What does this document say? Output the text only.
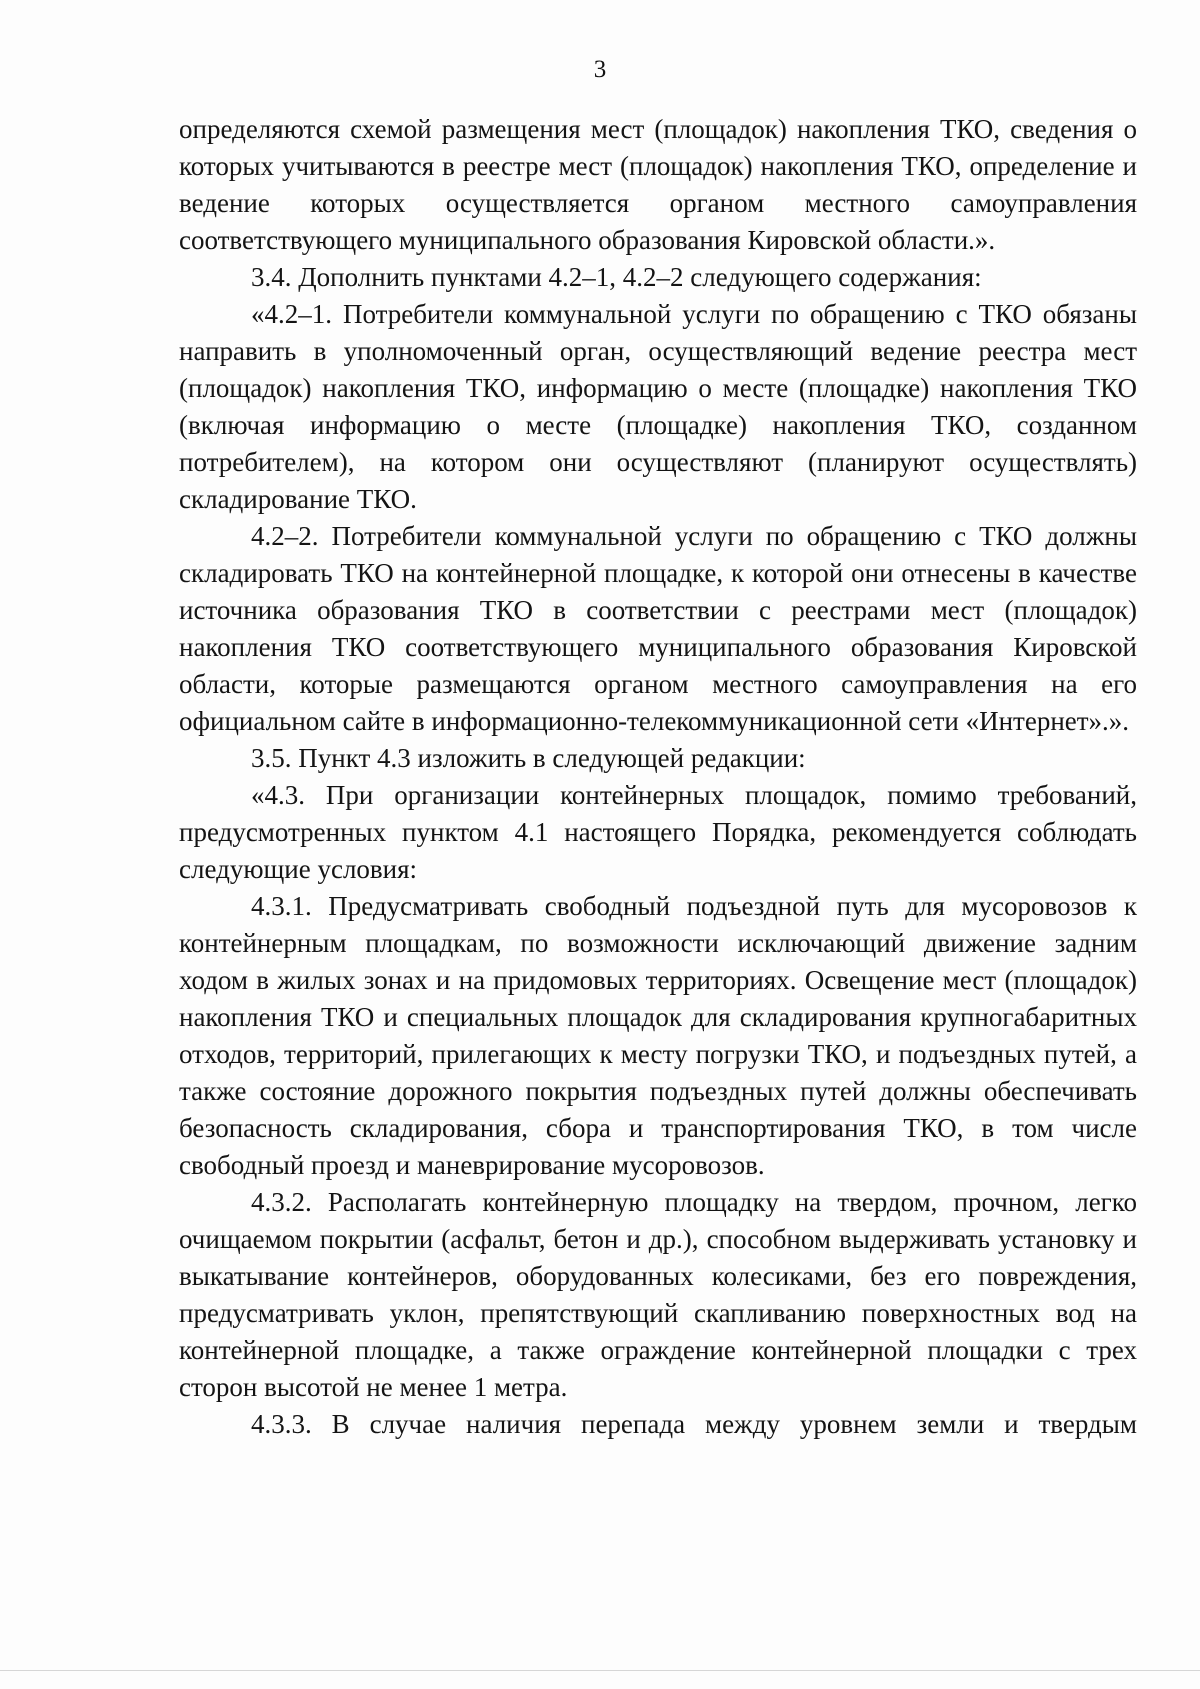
3

определяются схемой размещения мест (площадок) накопления ТКО, сведения о которых учитываются в реестре мест (площадок) накопления ТКО, определение и ведение которых осуществляется органом местного самоуправления соответствующего муниципального образования Кировской области.».

3.4. Дополнить пунктами 4.2–1, 4.2–2 следующего содержания:

«4.2–1. Потребители коммунальной услуги по обращению с ТКО обязаны направить в уполномоченный орган, осуществляющий ведение реестра мест (площадок) накопления ТКО, информацию о месте (площадке) накопления ТКО (включая информацию о месте (площадке) накопления ТКО, созданном потребителем), на котором они осуществляют (планируют осуществлять) складирование ТКО.

4.2–2. Потребители коммунальной услуги по обращению с ТКО должны складировать ТКО на контейнерной площадке, к которой они отнесены в качестве источника образования ТКО в соответствии с реестрами мест (площадок) накопления ТКО соответствующего муниципального образования Кировской области, которые размещаются органом местного самоуправления на его официальном сайте в информационно-телекоммуникационной сети «Интернет».».

3.5. Пункт 4.3 изложить в следующей редакции:

«4.3. При организации контейнерных площадок, помимо требований, предусмотренных пунктом 4.1 настоящего Порядка, рекомендуется соблюдать следующие условия:

4.3.1. Предусматривать свободный подъездной путь для мусоровозов к контейнерным площадкам, по возможности исключающий движение задним ходом в жилых зонах и на придомовых территориях. Освещение мест (площадок) накопления ТКО и специальных площадок для складирования крупногабаритных отходов, территорий, прилегающих к месту погрузки ТКО, и подъездных путей, а также состояние дорожного покрытия подъездных путей должны обеспечивать безопасность складирования, сбора и транспортирования ТКО, в том числе свободный проезд и маневрирование мусоровозов.

4.3.2. Располагать контейнерную площадку на твердом, прочном, легко очищаемом покрытии (асфальт, бетон и др.), способном выдерживать установку и выкатывание контейнеров, оборудованных колесиками, без его повреждения, предусматривать уклон, препятствующий скапливанию поверхностных вод на контейнерной площадке, а также ограждение контейнерной площадки с трех сторон высотой не менее 1 метра.

4.3.3. В случае наличия перепада между уровнем земли и твердым
